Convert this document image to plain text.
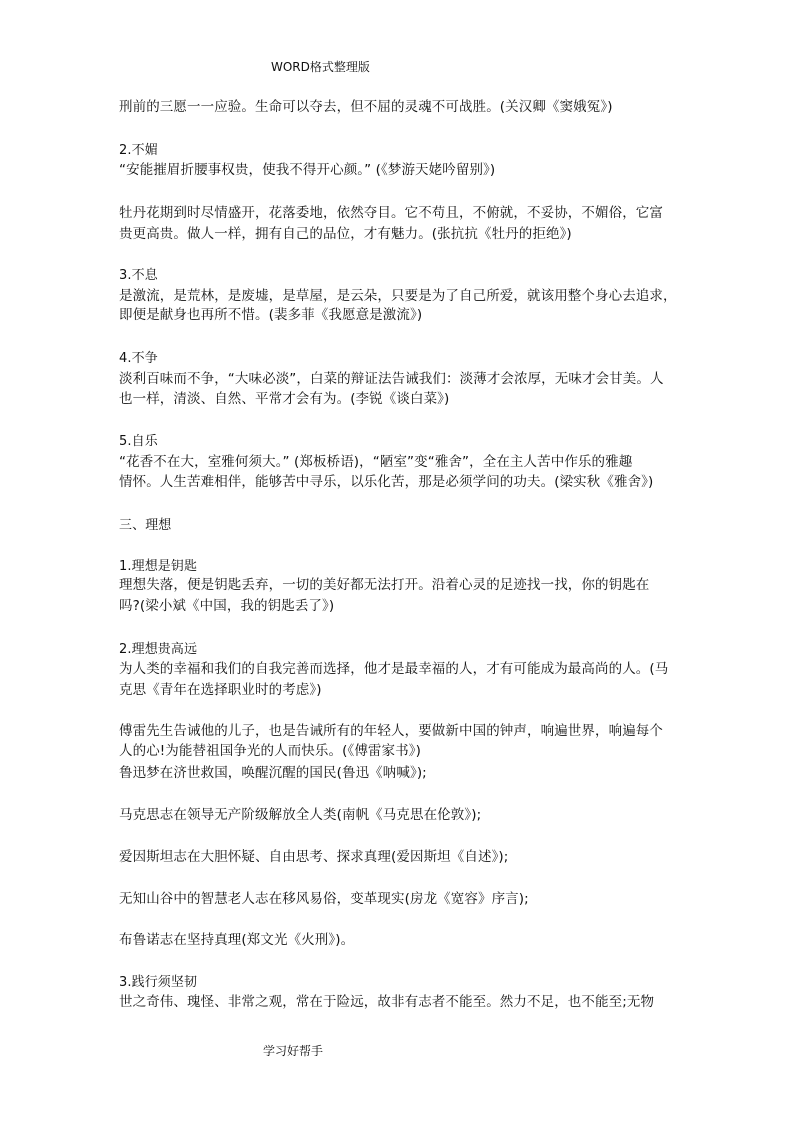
WORD格式整理版
刑前的三愿一一应验。生命可以夺去，但不屈的灵魂不可战胜。(关汉卿《窦娥冤》)
2.不媚
“安能摧眉折腰事权贵，使我不得开心颜。” (《梦游天姥吟留别》)
牡丹花期到时尽情盛开，花落委地，依然夺目。它不苟且，不俯就，不妥协，不媚俗，它富
贵更高贵。做人一样，拥有自己的品位，才有魅力。(张抗抗《牡丹的拒绝》)
3.不息
是激流，是荒林，是废墟，是草屋，是云朵，只要是为了自己所爱，就该用整个身心去追求，
即便是献身也再所不惜。(裴多菲《我愿意是激流》)
4.不争
淡利百味而不争，“大味必淡”，白菜的辩证法告诫我们：淡薄才会浓厚，无味才会甘美。人
也一样，清淡、自然、平常才会有为。(李锐《谈白菜》)
5.自乐
“花香不在大，室雅何须大。” (郑板桥语)，“陋室”变“雅舍”，全在主人苦中作乐的雅趣
情怀。人生苦难相伴，能够苦中寻乐，以乐化苦，那是必须学问的功夫。(梁实秋《雅舍》)
三、理想
1.理想是钥匙
理想失落，便是钥匙丢弃，一切的美好都无法打开。沿着心灵的足迹找一找，你的钥匙在
吗?(梁小斌《中国，我的钥匙丢了》)
2.理想贵高远
为人类的幸福和我们的自我完善而选择，他才是最幸福的人，才有可能成为最高尚的人。(马
克思《青年在选择职业时的考虑》)
傅雷先生告诫他的儿子，也是告诫所有的年轻人，要做新中国的钟声，响遍世界，响遍每个
人的心!为能替祖国争光的人而快乐。(《傅雷家书》)
鲁迅梦在济世救国，唤醒沉醒的国民(鲁迅《呐喊》);
马克思志在领导无产阶级解放全人类(南帆《马克思在伦敦》);
爱因斯坦志在大胆怀疑、自由思考、探求真理(爱因斯坦《自述》);
无知山谷中的智慧老人志在移风易俗，变革现实(房龙《宽容》序言);
布鲁诺志在坚持真理(郑文光《火刑》)。
3.践行须坚韧
世之奇伟、瑰怪、非常之观，常在于险远，故非有志者不能至。然力不足，也不能至;无物
学习好帮手
